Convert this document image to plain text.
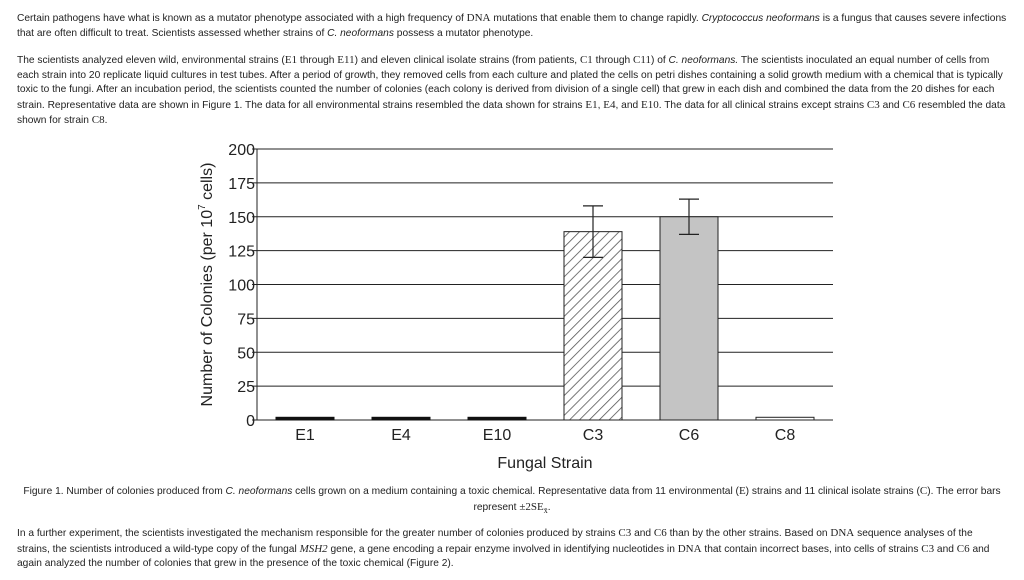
Certain pathogens have what is known as a mutator phenotype associated with a high frequency of DNA mutations that enable them to change rapidly. Cryptococcus neoformans is a fungus that causes severe infections that are often difficult to treat. Scientists assessed whether strains of C. neoformans possess a mutator phenotype.

The scientists analyzed eleven wild, environmental strains (E1 through E11) and eleven clinical isolate strains (from patients, C1 through C11) of C. neoformans. The scientists inoculated an equal number of cells from each strain into 20 replicate liquid cultures in test tubes. After a period of growth, they removed cells from each culture and plated the cells on petri dishes containing a solid growth medium with a chemical that is typically toxic to the fungi. After an incubation period, the scientists counted the number of colonies (each colony is derived from division of a single cell) that grew in each dish and combined the data from the 20 dishes for each strain. Representative data are shown in Figure 1. The data for all environmental strains resembled the data shown for strains E1, E4, and E10. The data for all clinical strains except strains C3 and C6 resembled the data shown for strain C8.

0
25
50
75
100
125
150
175
200
E1	E4	E10	C3	C6	C8
Fungal Strain
Number of Colonies (per $10^7$ cells)

Figure 1. Number of colonies produced from C. neoformans cells grown on a medium containing a toxic chemical. Representative data from 11 environmental (E) strains and 11 clinical isolate strains (C). The error bars represent $\pm 2SE_{x̄}$.

In a further experiment, the scientists investigated the mechanism responsible for the greater number of colonies produced by strains C3 and C6 than by the other strains. Based on DNA sequence analyses of the strains, the scientists introduced a wild-type copy of the fungal MSH2 gene, a gene encoding a repair enzyme involved in identifying nucleotides in DNA that contain incorrect bases, into cells of strains C3 and C6 and again analyzed the number of colonies that grew in the presence of the toxic chemical (Figure 2).
